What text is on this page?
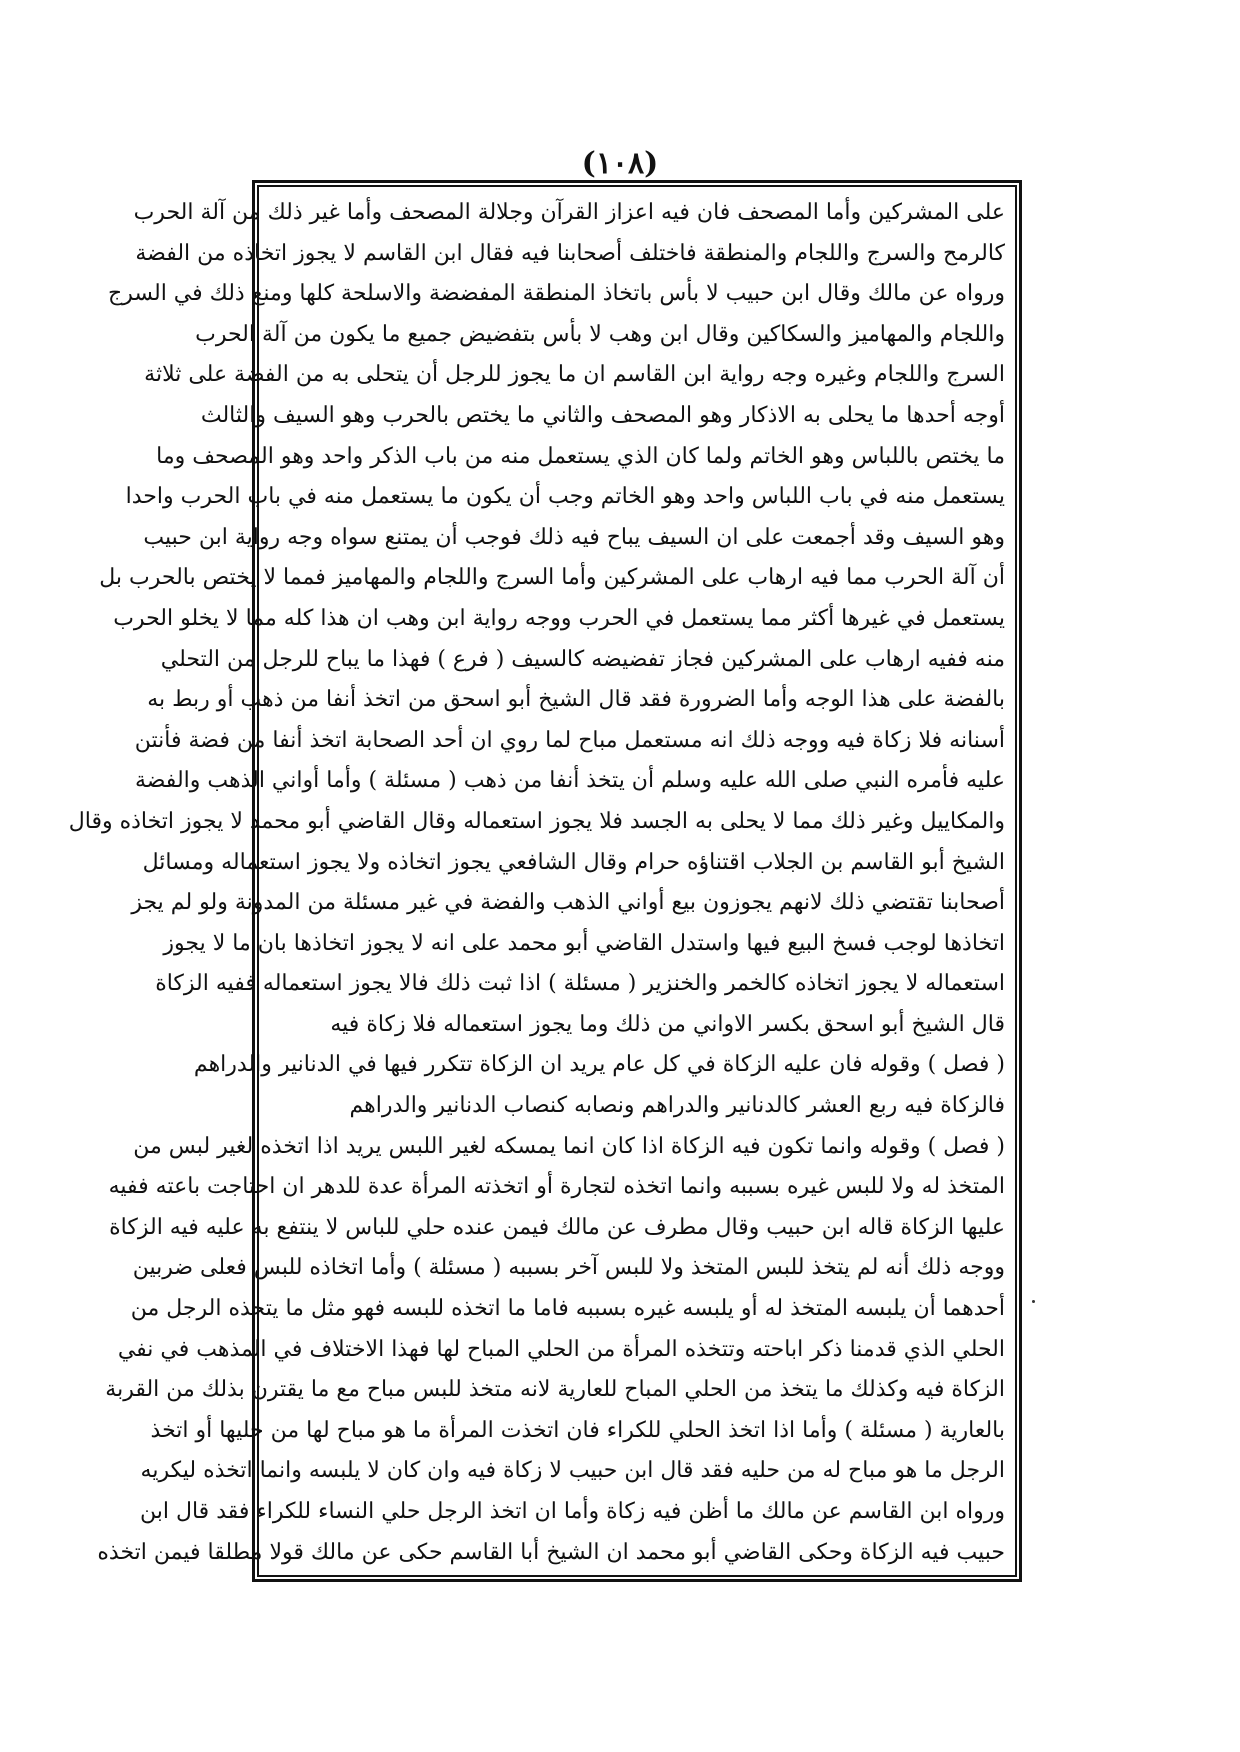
(١٠٨)
على المشركين وأما المصحف فان فيه اعزاز القرآن وجلالة المصحف وأما غير ذلك من آلة الحرب
كالرمح والسرج واللجام والمنطقة فاختلف أصحابنا فيه فقال ابن القاسم لا يجوز اتخاذه من الفضة
ورواه عن مالك وقال ابن حبيب لا بأس باتخاذ المنطقة المفضضة والاسلحة كلها ومنع ذلك في السرج
واللجام والمهاميز والسكاكين وقال ابن وهب لا بأس بتفضيض جميع ما يكون من آلة الحرب
السرج واللجام وغيره وجه رواية ابن القاسم ان ما يجوز للرجل أن يتحلى به من الفضة على ثلاثة
أوجه أحدها ما يحلى به الاذكار وهو المصحف والثاني ما يختص بالحرب وهو السيف والثالث
ما يختص باللباس وهو الخاتم ولما كان الذي يستعمل منه من باب الذكر واحد وهو المصحف وما
يستعمل منه في باب اللباس واحد وهو الخاتم وجب أن يكون ما يستعمل منه في باب الحرب واحدا
وهو السيف وقد أجمعت على ان السيف يباح فيه ذلك فوجب أن يمتنع سواه وجه رواية ابن حبيب
أن آلة الحرب مما فيه ارهاب على المشركين وأما السرج واللجام والمهاميز فمما لا يختص بالحرب بل
يستعمل في غيرها أكثر مما يستعمل في الحرب ووجه رواية ابن وهب ان هذا كله مما لا يخلو الحرب
منه ففيه ارهاب على المشركين فجاز تفضيضه كالسيف ( فرع ) فهذا ما يباح للرجل من التحلي
بالفضة على هذا الوجه وأما الضرورة فقد قال الشيخ أبو اسحق من اتخذ أنفا من ذهب أو ربط به
أسنانه فلا زكاة فيه ووجه ذلك انه مستعمل مباح لما روي ان أحد الصحابة اتخذ أنفا من فضة فأنتن
عليه فأمره النبي صلى الله عليه وسلم أن يتخذ أنفا من ذهب ( مسئلة ) وأما أواني الذهب والفضة
والمكاييل وغير ذلك مما لا يحلى به الجسد فلا يجوز استعماله وقال القاضي أبو محمد لا يجوز اتخاذه وقال
الشيخ أبو القاسم بن الجلاب اقتناؤه حرام وقال الشافعي يجوز اتخاذه ولا يجوز استعماله ومسائل
أصحابنا تقتضي ذلك لانهم يجوزون بيع أواني الذهب والفضة في غير مسئلة من المدونة ولو لم يجز
اتخاذها لوجب فسخ البيع فيها واستدل القاضي أبو محمد على انه لا يجوز اتخاذها بان ما لا يجوز
استعماله لا يجوز اتخاذه كالخمر والخنزير ( مسئلة ) اذا ثبت ذلك فالا يجوز استعماله ففيه الزكاة
قال الشيخ أبو اسحق بكسر الاواني من ذلك وما يجوز استعماله فلا زكاة فيه
( فصل ) وقوله فان عليه الزكاة في كل عام يريد ان الزكاة تتكرر فيها في الدنانير والدراهم
فالزكاة فيه ربع العشر كالدنانير والدراهم ونصابه كنصاب الدنانير والدراهم
( فصل ) وقوله وانما تكون فيه الزكاة اذا كان انما يمسكه لغير اللبس يريد اذا اتخذه لغير لبس من
المتخذ له ولا للبس غيره بسببه وانما اتخذه لتجارة أو اتخذته المرأة عدة للدهر ان احتاجت باعته ففيه
عليها الزكاة قاله ابن حبيب وقال مطرف عن مالك فيمن عنده حلي للباس لا ينتفع به عليه فيه الزكاة
ووجه ذلك أنه لم يتخذ للبس المتخذ ولا للبس آخر بسببه ( مسئلة ) وأما اتخاذه للبس فعلى ضربين
أحدهما أن يلبسه المتخذ له أو يلبسه غيره بسببه فاما ما اتخذه للبسه فهو مثل ما يتخذه الرجل من
الحلي الذي قدمنا ذكر اباحته وتتخذه المرأة من الحلي المباح لها فهذا الاختلاف في المذهب في نفي
الزكاة فيه وكذلك ما يتخذ من الحلي المباح للعارية لانه متخذ للبس مباح مع ما يقترن بذلك من القربة
بالعارية ( مسئلة ) وأما اذا اتخذ الحلي للكراء فان اتخذت المرأة ما هو مباح لها من حليها أو اتخذ
الرجل ما هو مباح له من حليه فقد قال ابن حبيب لا زكاة فيه وان كان لا يلبسه وانما اتخذه ليكريه
ورواه ابن القاسم عن مالك ما أظن فيه زكاة وأما ان اتخذ الرجل حلي النساء للكراء فقد قال ابن
حبيب فيه الزكاة وحكى القاضي أبو محمد ان الشيخ أبا القاسم حكى عن مالك قولا مطلقا فيمن اتخذه
